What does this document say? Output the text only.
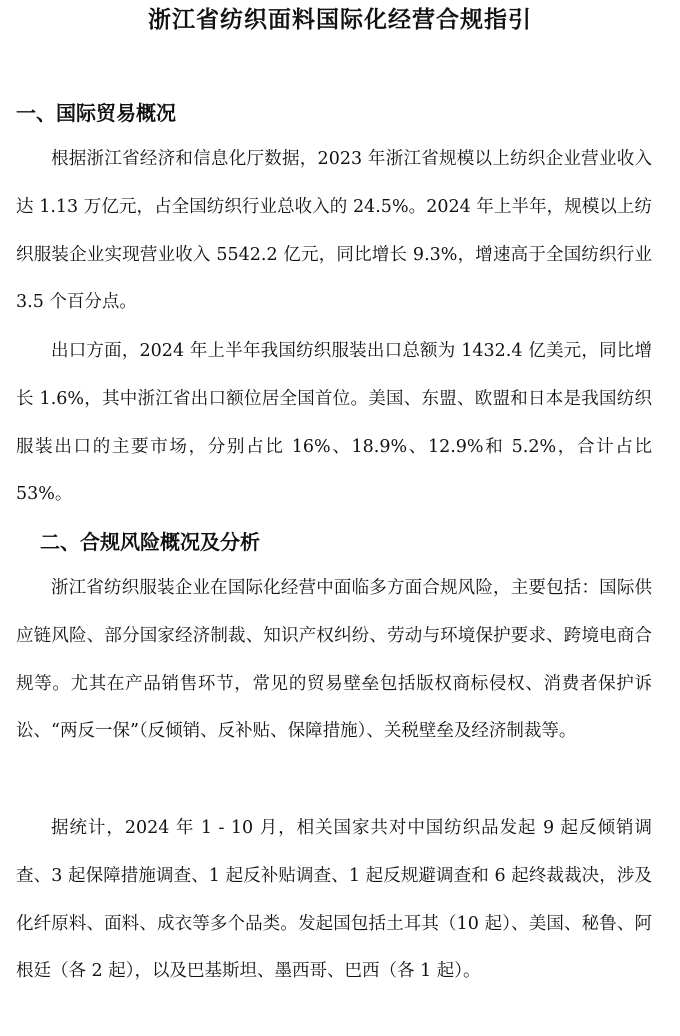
浙江省纺织面料国际化经营合规指引
一、国际贸易概况

根据浙江省经济和信息化厅数据，2023 年浙江省规模以上纺织企业营业收入达 1.13 万亿元，占全国纺织行业总收入的 24.5%。2024 年上半年，规模以上纺织服装企业实现营业收入 5542.2 亿元，同比增长 9.3%，增速高于全国纺织行业 3.5 个百分点。

出口方面，2024 年上半年我国纺织服装出口总额为 1432.4 亿美元，同比增长 1.6%，其中浙江省出口额位居全国首位。美国、东盟、欧盟和日本是我国纺织服装出口的主要市场，分别占比 16%、18.9%、12.9%和 5.2%，合计占比 53%。

二、合规风险概况及分析

浙江省纺织服装企业在国际化经营中面临多方面合规风险，主要包括：国际供应链风险、部分国家经济制裁、知识产权纠纷、劳动与环境保护要求、跨境电商合规等。尤其在产品销售环节，常见的贸易壁垒包括版权商标侵权、消费者保护诉讼、“两反一保”（反倾销、反补贴、保障措施）、关税壁垒及经济制裁等。

据统计，2024 年 1 - 10 月，相关国家共对中国纺织品发起 9 起反倾销调查、3 起保障措施调查、1 起反补贴调查、1 起反规避调查和 6 起终裁裁决，涉及化纤原料、面料、成衣等多个品类。发起国包括土耳其（10 起）、美国、秘鲁、阿根廷（各 2 起），以及巴基斯坦、墨西哥、巴西（各 1 起）。
